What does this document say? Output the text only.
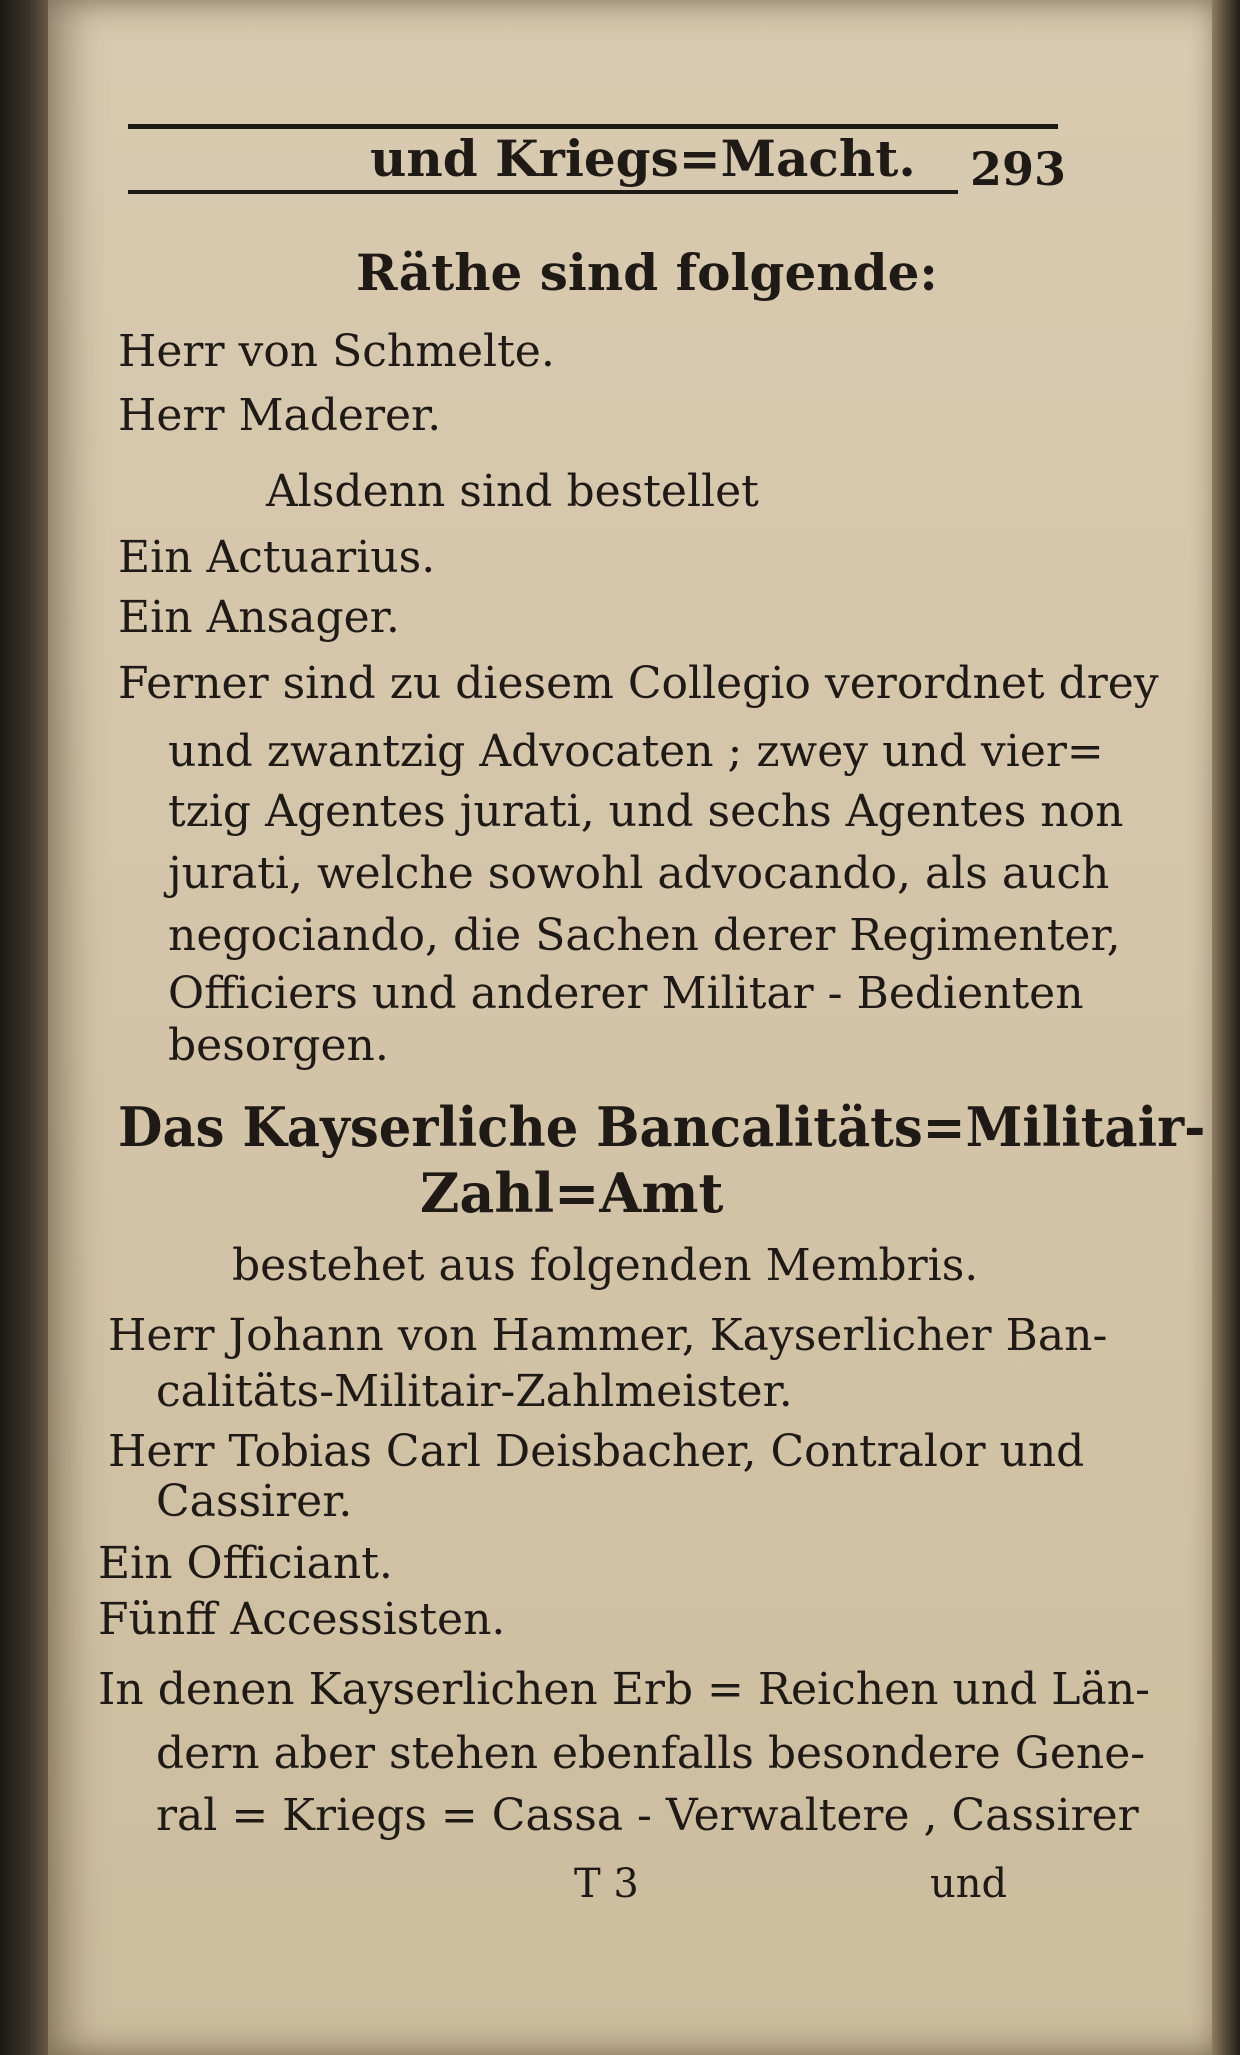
und Kriegs=Macht. 293
Räthe sind folgende:
Herr von Schmelte.
Herr Maderer.
Alsdenn sind bestellet
Ein Actuarius.
Ein Ansager.
Ferner sind zu diesem Collegio verordnet drey
und zwantzig Advocaten ; zwey und vier=
tzig Agentes jurati, und sechs Agentes non
jurati, welche sowohl advocando, als auch
negociando, die Sachen derer Regimenter,
Officiers und anderer Militar - Bedienten
besorgen.
Das Kayserliche Bancalitäts=Militair-
Zahl=Amt
bestehet aus folgenden Membris.
Herr Johann von Hammer, Kayserlicher Ban-
calitäts-Militair-Zahlmeister.
Herr Tobias Carl Deisbacher, Contralor und
Cassirer.
Ein Officiant.
Fünff Accessisten.
In denen Kayserlichen Erb = Reichen und Län-
dern aber stehen ebenfalls besondere Gene-
ral = Kriegs = Cassa - Verwaltere , Cassirer
T 3	und
